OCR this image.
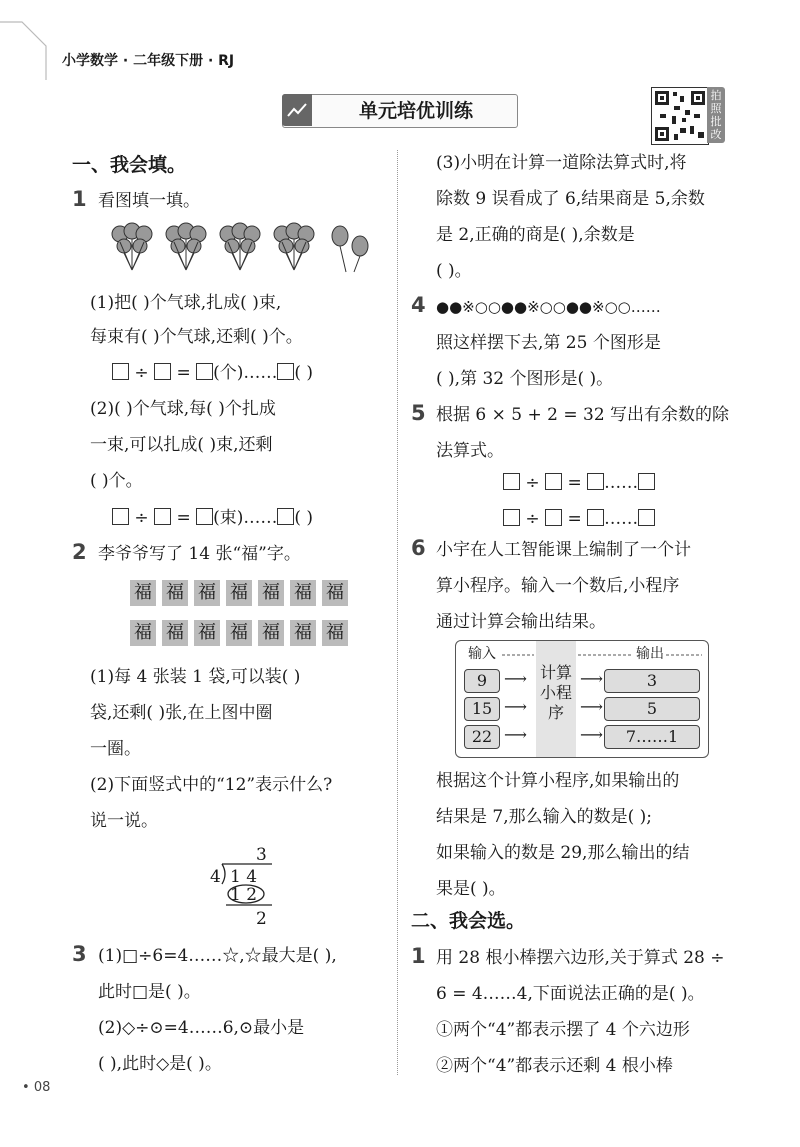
小学数学 · 二年级下册 · RJ
单元培优训练
拍照批改
一、我会填。
1 看图填一填。
(1)把( )个气球,扎成( )束,
每束有( )个气球,还剩( )个。
÷ = (个)…… ( )
(2)( )个气球,每( )个扎成
一束,可以扎成( )束,还剩
( )个。
÷ = (束)…… ( )
2 李爷爷写了 14 张“福”字。
福 福 福 福 福 福 福
福 福 福 福 福 福 福
(1)每 4 张装 1 袋,可以装( )
袋,还剩( )张,在上图中圈
一圈。
(2)下面竖式中的“12”表示什么?
说一说。
3
4 1 4
1 2
2
3 (1)□÷6=4……☆,☆最大是( ),
此时□是( )。
(2)◇÷⊙=4……6,⊙最小是
( ),此时◇是( )。
(3)小明在计算一道除法算式时,将
除数 9 误看成了 6,结果商是 5,余数
是 2,正确的商是( ),余数是
( )。
4 ●●※○○●●※○○●●※○○……
照这样摆下去,第 25 个图形是
( ),第 32 个图形是( )。
5 根据 6 × 5 + 2 = 32 写出有余数的除
法算式。
÷ = ……
÷ = ……
6 小宇在人工智能课上编制了一个计
算小程序。输入一个数后,小程序
通过计算会输出结果。
输入	输出
计算小程序
9
15
22
⟶
⟶
⟶
⟶
⟶
⟶
3
5
7……1
根据这个计算小程序,如果输出的
结果是 7,那么输入的数是( );
如果输入的数是 29,那么输出的结
果是( )。
二、我会选。
1 用 28 根小棒摆六边形,关于算式 28 ÷
6 = 4……4,下面说法正确的是( )。
①两个“4”都表示摆了 4 个六边形
②两个“4”都表示还剩 4 根小棒
• 08
